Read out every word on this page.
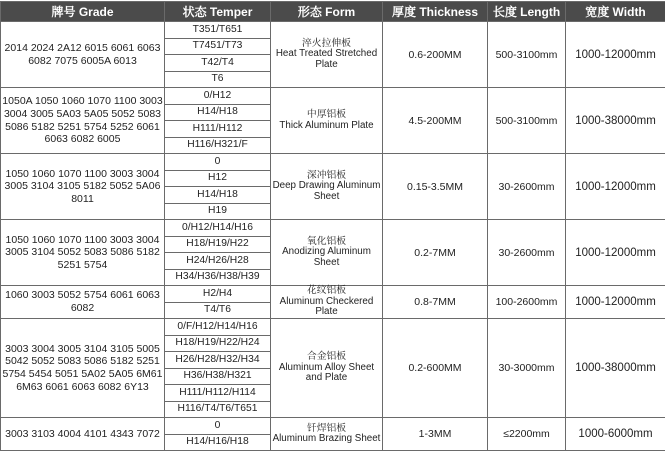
牌号 Grade	状态 Temper	形态 Form	厚度 Thickness	长度 Length	宽度 Width
2014 2024 2A12 6015 6061 6063 6082 7075 6005A 6013	T351/T651	淬火拉伸板
Heat Treated Stretched Plate	0.6-200MM	500-3100mm	1000-12000mm
	T7451/T73				
	T42/T4				
	T6				
1050A 1050 1060 1070 1100 3003 3004 3005 5A03 5A05 5052 5083 5086 5182 5251 5754 5252 6061 6063 6082 6005	0/H12	中厚铝板
Thick Aluminum Plate	4.5-200MM	500-3100mm	1000-38000mm
	H14/H18				
	H111/H112				
	H116/H321/F				
1050 1060 1070 1100 3003 3004 3005 3104 3105 5182 5052 5A06 8011	0	深冲铝板
Deep Drawing Aluminum Sheet	0.15-3.5MM	30-2600mm	1000-12000mm
	H12				
	H14/H18				
	H19				
1050 1060 1070 1100 3003 3004 3005 3104 5052 5083 5086 5182 5251 5754	0/H12/H14/H16	氧化铝板
Anodizing Aluminum Sheet	0.2-7MM	30-2600mm	1000-12000mm
	H18/H19/H22				
	H24/H26/H28				
	H34/H36/H38/H39				
1060 3003 5052 5754 6061 6063 6082	H2/H4	花纹铝板
Aluminum Checkered Plate	0.8-7MM	100-2600mm	1000-12000mm
	T4/T6				
3003 3004 3005 3104 3105 5005 5042 5052 5083 5086 5182 5251 5754 5454 5051 5A02 5A05 6M61 6M63 6061 6063 6082 6Y13	0/F/H12/H14/H16	合金铝板
Aluminum Alloy Sheet and Plate	0.2-600MM	30-3000mm	1000-38000mm
	H18/H19/H22/H24				
	H26/H28/H32/H34				
	H36/H38/H321				
	H111/H112/H114				
	H116/T4/T6/T651				
3003 3103 4004 4101 4343 7072	0	钎焊铝板
Aluminum Brazing Sheet	1-3MM	≤2200mm	1000-6000mm
	H14/H16/H18				
